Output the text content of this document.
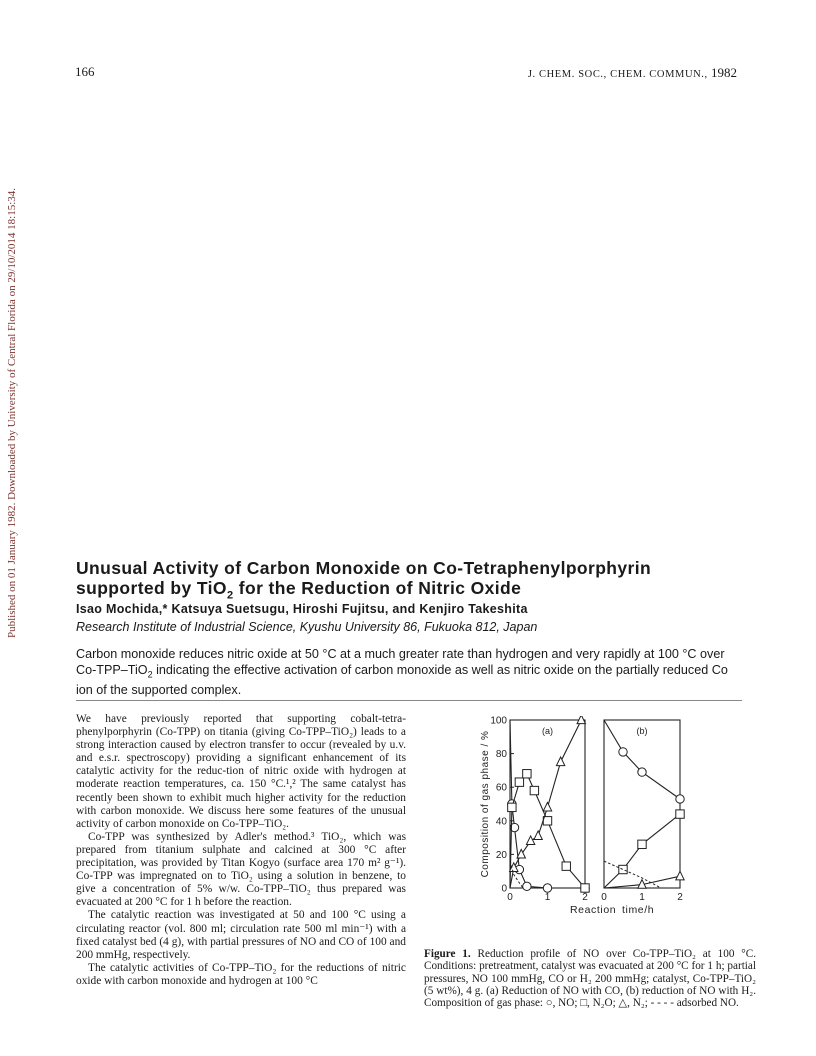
166	J. CHEM. SOC., CHEM. COMMUN., 1982
Published on 01 January 1982. Downloaded by University of Central Florida on 29/10/2014 18:15:34.	Unusual Activity of Carbon Monoxide on Co-Tetraphenylporphyrin
supported by TiO$_2$ for the Reduction of Nitric Oxide
Isao Mochida,* Katsuya Suetsugu, Hiroshi Fujitsu, and Kenjiro Takeshita
Research Institute of Industrial Science, Kyushu University 86, Fukuoka 812, Japan
Carbon monoxide reduces nitric oxide at 50 °C at a much greater rate than hydrogen and very rapidly at 100 °C over Co-TPP–TiO$_2$ indicating the effective activation of carbon monoxide as well as nitric oxide on the partially reduced Co ion of the supported complex.

We have previously reported that supporting cobalt-tetra-phenylporphyrin (Co-TPP) on titania (giving Co-TPP–TiO₂) leads to a strong interaction caused by electron transfer to occur (revealed by u.v. and e.s.r. spectroscopy) providing a significant enhancement of its catalytic activity for the reduc-tion of nitric oxide with hydrogen at moderate reaction temperatures, ca. 150 °C.¹,² The same catalyst has recently been shown to exhibit much higher activity for the reduction with carbon monoxide. We discuss here some features of the unusual activity of carbon monoxide on Co-TPP–TiO₂.

Co-TPP was synthesized by Adler's method.³ TiO₂, which was prepared from titanium sulphate and calcined at 300 °C after precipitation, was provided by Titan Kogyo (surface area 170 m² g⁻¹). Co-TPP was impregnated on to TiO₂ using a solution in benzene, to give a concentration of 5% w/w. Co-TPP–TiO₂ thus prepared was evacuated at 200 °C for 1 h before the reaction.

The catalytic reaction was investigated at 50 and 100 °C using a circulating reactor (vol. 800 ml; circulation rate 500 ml min⁻¹) with a fixed catalyst bed (4 g), with partial pressures of NO and CO of 100 and 200 mmHg, respectively.

The catalytic activities of Co-TPP–TiO₂ for the reductions of nitric oxide with carbon monoxide and hydrogen at 100 °C

(a)
0	1	2
0
20
40
60
80
100
Composition of gas phase / %	(b)
0	1	2
Reaction time/h
Figure 1. Reduction profile of NO over Co-TPP–TiO₂ at 100 °C. Conditions: pretreatment, catalyst was evacuated at 200 °C for 1 h; partial pressures, NO 100 mmHg, CO or H₂ 200 mmHg; catalyst, Co-TPP–TiO₂ (5 wt%), 4 g. (a) Reduction of NO with CO, (b) reduction of NO with H₂. Composition of gas phase: ○, NO; □, N₂O; △, N₂; - - - - adsorbed NO.
